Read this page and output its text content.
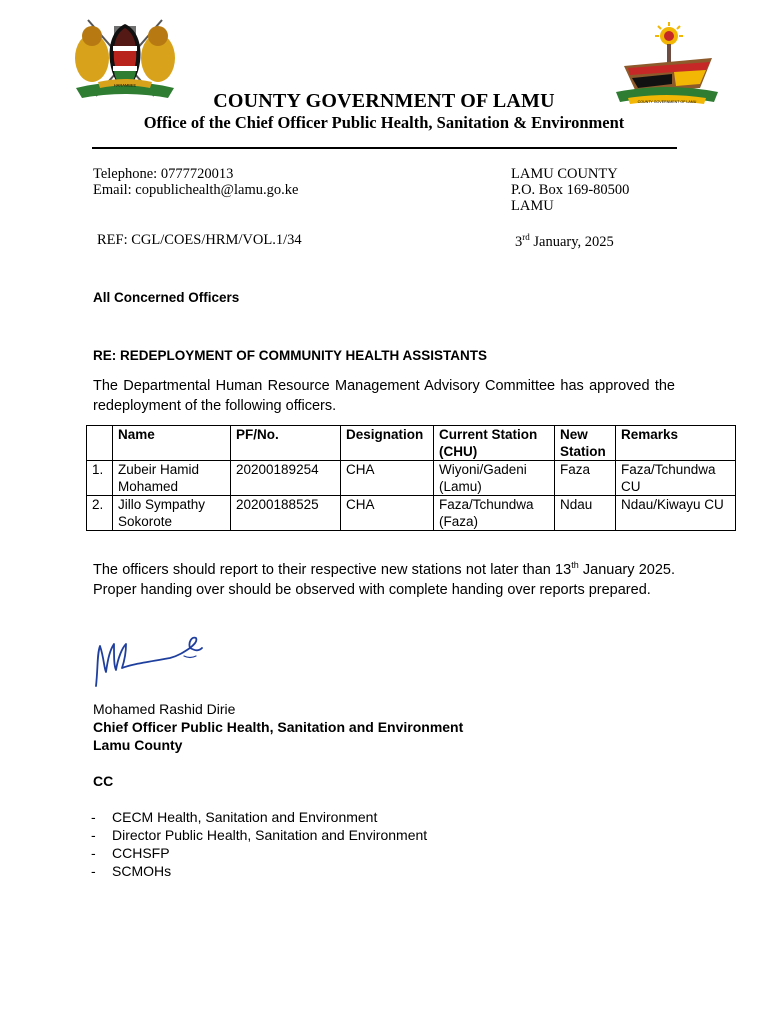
HARAMBEE
COUNTY GOVERNMENT OF LAMU
COUNTY GOVERNMENT OF LAMU
Office of the Chief Officer Public Health, Sanitation & Environment
Telephone: 0777720013
Email: copublichealth@lamu.go.ke
LAMU COUNTY
P.O. Box 169-80500
LAMU
REF: CGL/COES/HRM/VOL.1/34	3rd January, 2025
All Concerned Officers
RE: REDEPLOYMENT OF COMMUNITY HEALTH ASSISTANTS
The Departmental Human Resource Management Advisory Committee has approved the redeployment of the following officers.
	Name	PF/No.	Designation	Current Station (CHU)	New Station	Remarks
1.	Zubeir Hamid Mohamed	20200189254	CHA	Wiyoni/Gadeni (Lamu)	Faza	Faza/Tchundwa CU
2.	Jillo Sympathy Sokorote	20200188525	CHA	Faza/Tchundwa (Faza)	Ndau	Ndau/Kiwayu CU
The officers should report to their respective new stations not later than 13th January 2025. Proper handing over should be observed with complete handing over reports prepared.
Mohamed Rashid Dirie
Chief Officer Public Health, Sanitation and Environment
Lamu County
CC
- CECM Health, Sanitation and Environment
- Director Public Health, Sanitation and Environment
- CCHSFP
- SCMOHs
